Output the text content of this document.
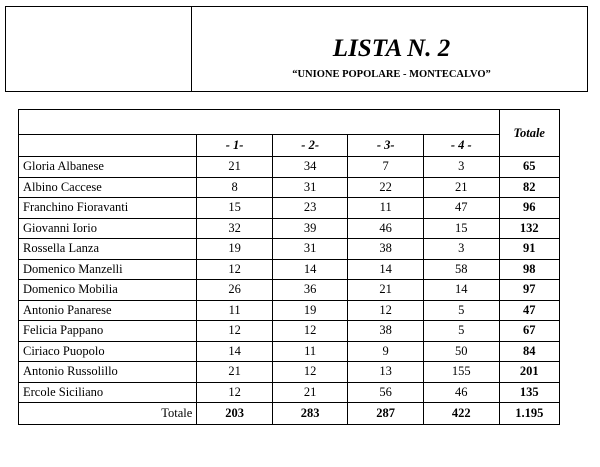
LISTA N. 2
“UNIONE POPOLARE - MONTECALVO”
					Totale
	- 1-	- 2-	- 3-	- 4 -	
Gloria Albanese	21	34	7	3	65
Albino Caccese	8	31	22	21	82
Franchino Fioravanti	15	23	11	47	96
Giovanni Iorio	32	39	46	15	132
Rossella Lanza	19	31	38	3	91
Domenico Manzelli	12	14	14	58	98
Domenico Mobilia	26	36	21	14	97
Antonio Panarese	11	19	12	5	47
Felicia Pappano	12	12	38	5	67
Ciriaco Puopolo	14	11	9	50	84
Antonio Russolillo	21	12	13	155	201
Ercole Siciliano	12	21	56	46	135
Totale	203	283	287	422	1.195
